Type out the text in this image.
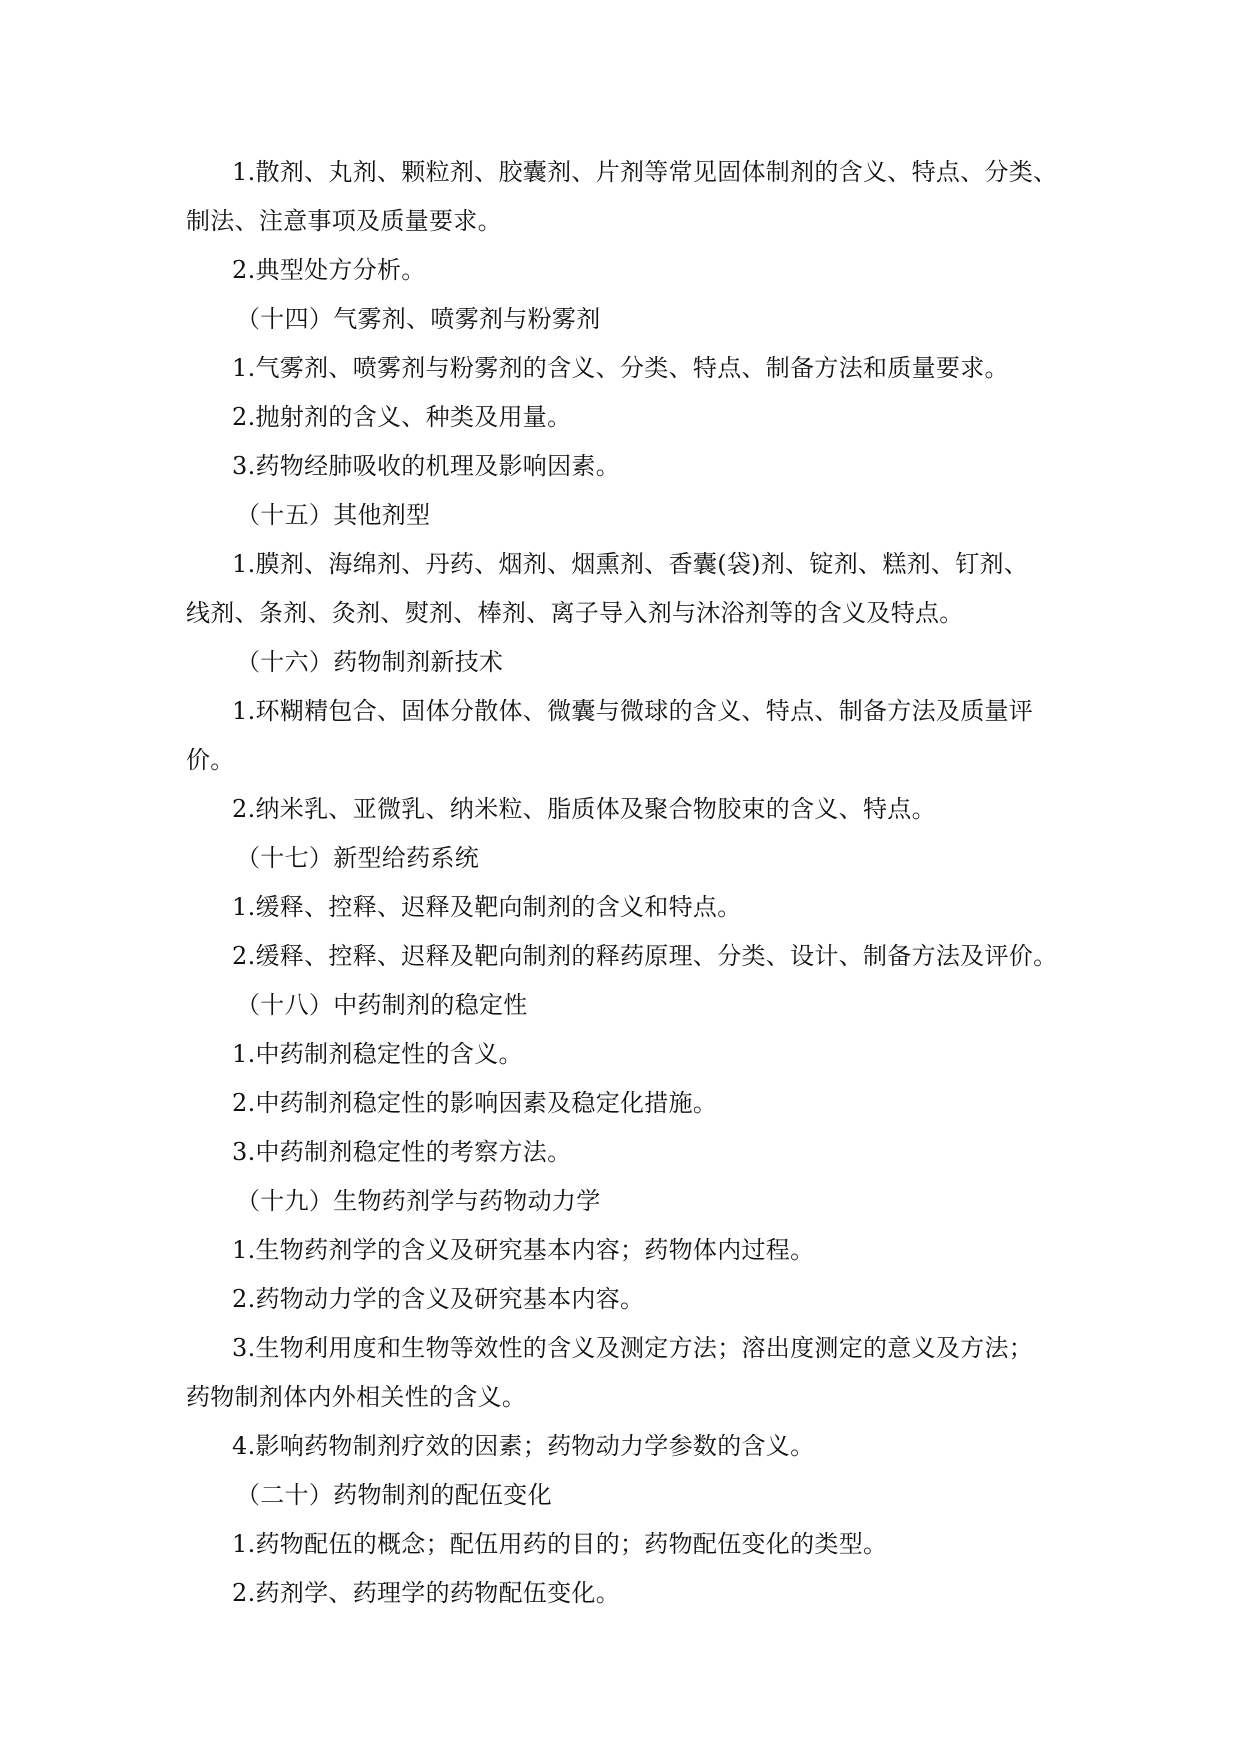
1.散剂、丸剂、颗粒剂、胶囊剂、片剂等常见固体制剂的含义、特点、分类、
制法、注意事项及质量要求。
2.典型处方分析。
（十四）气雾剂、喷雾剂与粉雾剂
1.气雾剂、喷雾剂与粉雾剂的含义、分类、特点、制备方法和质量要求。
2.抛射剂的含义、种类及用量。
3.药物经肺吸收的机理及影响因素。
（十五）其他剂型
1.膜剂、海绵剂、丹药、烟剂、烟熏剂、香囊(袋)剂、锭剂、糕剂、钉剂、
线剂、条剂、灸剂、熨剂、棒剂、离子导入剂与沐浴剂等的含义及特点。
（十六）药物制剂新技术
1.环糊精包合、固体分散体、微囊与微球的含义、特点、制备方法及质量评
价。
2.纳米乳、亚微乳、纳米粒、脂质体及聚合物胶束的含义、特点。
（十七）新型给药系统
1.缓释、控释、迟释及靶向制剂的含义和特点。
2.缓释、控释、迟释及靶向制剂的释药原理、分类、设计、制备方法及评价。
（十八）中药制剂的稳定性
1.中药制剂稳定性的含义。
2.中药制剂稳定性的影响因素及稳定化措施。
3.中药制剂稳定性的考察方法。
（十九）生物药剂学与药物动力学
1.生物药剂学的含义及研究基本内容；药物体内过程。
2.药物动力学的含义及研究基本内容。
3.生物利用度和生物等效性的含义及测定方法；溶出度测定的意义及方法；
药物制剂体内外相关性的含义。
4.影响药物制剂疗效的因素；药物动力学参数的含义。
（二十）药物制剂的配伍变化
1.药物配伍的概念；配伍用药的目的；药物配伍变化的类型。
2.药剂学、药理学的药物配伍变化。
